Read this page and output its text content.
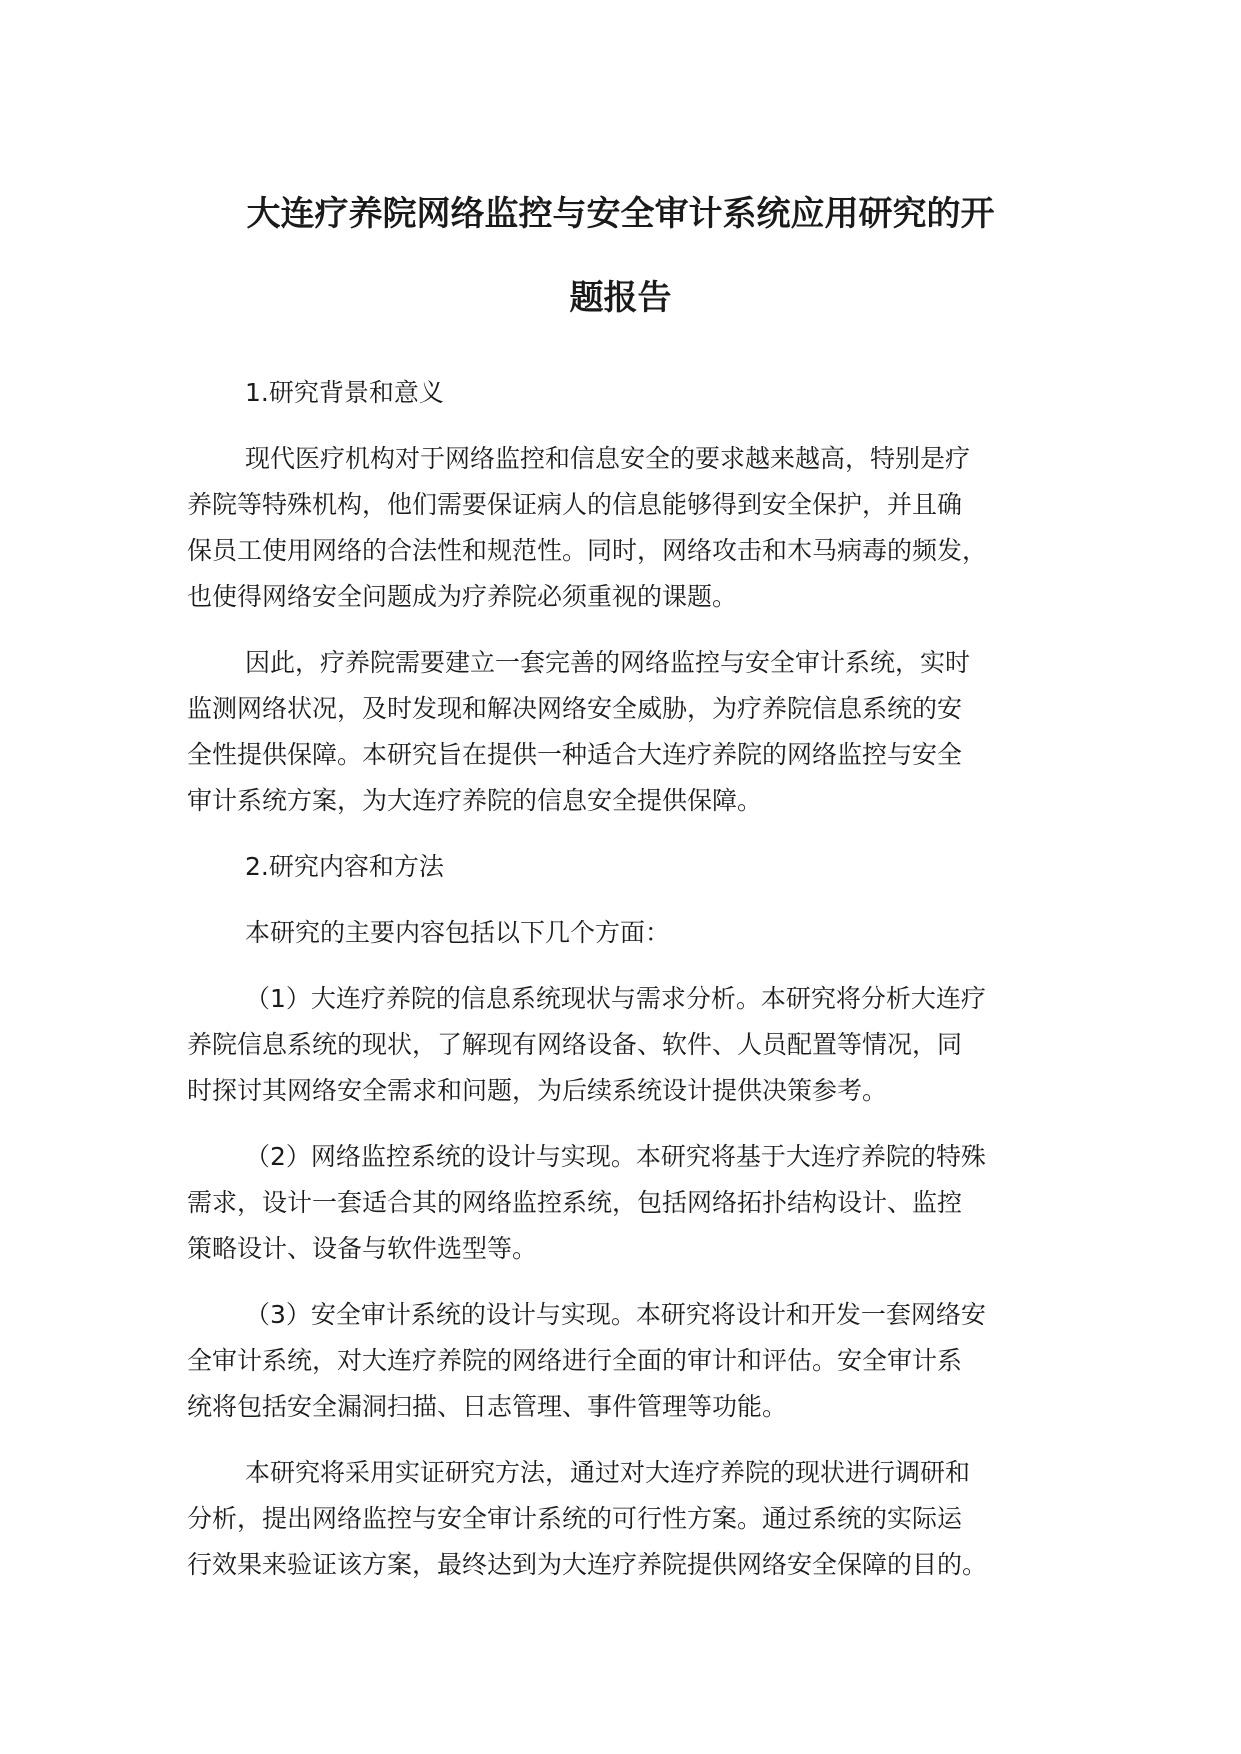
大连疗养院网络监控与安全审计系统应用研究的开
题报告
1.研究背景和意义
现代医疗机构对于网络监控和信息安全的要求越来越高，特别是疗
养院等特殊机构，他们需要保证病人的信息能够得到安全保护，并且确
保员工使用网络的合法性和规范性。同时，网络攻击和木马病毒的频发，
也使得网络安全问题成为疗养院必须重视的课题。
因此，疗养院需要建立一套完善的网络监控与安全审计系统，实时
监测网络状况，及时发现和解决网络安全威胁，为疗养院信息系统的安
全性提供保障。本研究旨在提供一种适合大连疗养院的网络监控与安全
审计系统方案，为大连疗养院的信息安全提供保障。
2.研究内容和方法
本研究的主要内容包括以下几个方面：
（1）大连疗养院的信息系统现状与需求分析。本研究将分析大连疗
养院信息系统的现状，了解现有网络设备、软件、人员配置等情况，同
时探讨其网络安全需求和问题，为后续系统设计提供决策参考。
（2）网络监控系统的设计与实现。本研究将基于大连疗养院的特殊
需求，设计一套适合其的网络监控系统，包括网络拓扑结构设计、监控
策略设计、设备与软件选型等。
（3）安全审计系统的设计与实现。本研究将设计和开发一套网络安
全审计系统，对大连疗养院的网络进行全面的审计和评估。安全审计系
统将包括安全漏洞扫描、日志管理、事件管理等功能。
本研究将采用实证研究方法，通过对大连疗养院的现状进行调研和
分析，提出网络监控与安全审计系统的可行性方案。通过系统的实际运
行效果来验证该方案，最终达到为大连疗养院提供网络安全保障的目的。
